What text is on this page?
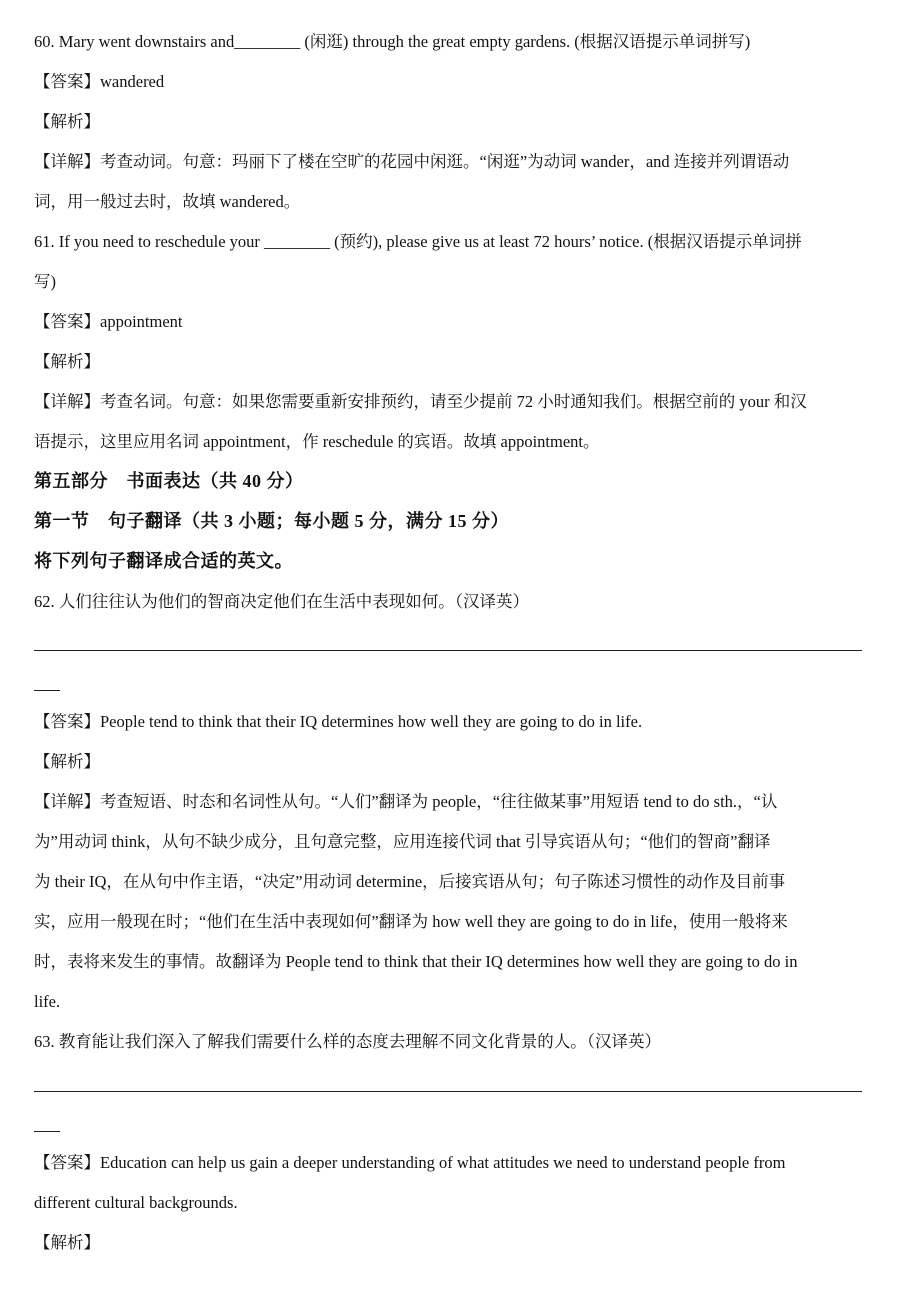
60. Mary went downstairs and________ (闲逛) through the great empty gardens. (根据汉语提示单词拼写)
【答案】wandered
【解析】
【详解】考查动词。句意：玛丽下了楼在空旷的花园中闲逛。“闲逛”为动词 wander，and 连接并列谓语动
词，用一般过去时，故填 wandered。
61. If you need to reschedule your ________ (预约), please give us at least 72 hours’ notice. (根据汉语提示单词拼
写)
【答案】appointment
【解析】
【详解】考查名词。句意：如果您需要重新安排预约，请至少提前 72 小时通知我们。根据空前的 your 和汉
语提示，这里应用名词 appointment，作 reschedule 的宾语。故填 appointment。
第五部分　书面表达（共 40 分）
第一节　句子翻译（共 3 小题；每小题 5 分，满分 15 分）
将下列句子翻译成合适的英文。
62. 人们往往认为他们的智商决定他们在生活中表现如何。（汉译英）
【答案】People tend to think that their IQ determines how well they are going to do in life.
【解析】
【详解】考查短语、时态和名词性从句。“人们”翻译为 people，“往往做某事”用短语 tend to do sth.，“认
为”用动词 think，从句不缺少成分，且句意完整，应用连接代词 that 引导宾语从句；“他们的智商”翻译
为 their IQ，在从句中作主语，“决定”用动词 determine，后接宾语从句；句子陈述习惯性的动作及目前事
实，应用一般现在时；“他们在生活中表现如何”翻译为 how well they are going to do in life，使用一般将来
时，表将来发生的事情。故翻译为 People tend to think that their IQ determines how well they are going to do in
life.
63. 教育能让我们深入了解我们需要什么样的态度去理解不同文化背景的人。（汉译英）
【答案】Education can help us gain a deeper understanding of what attitudes we need to understand people from
different cultural backgrounds.
【解析】
